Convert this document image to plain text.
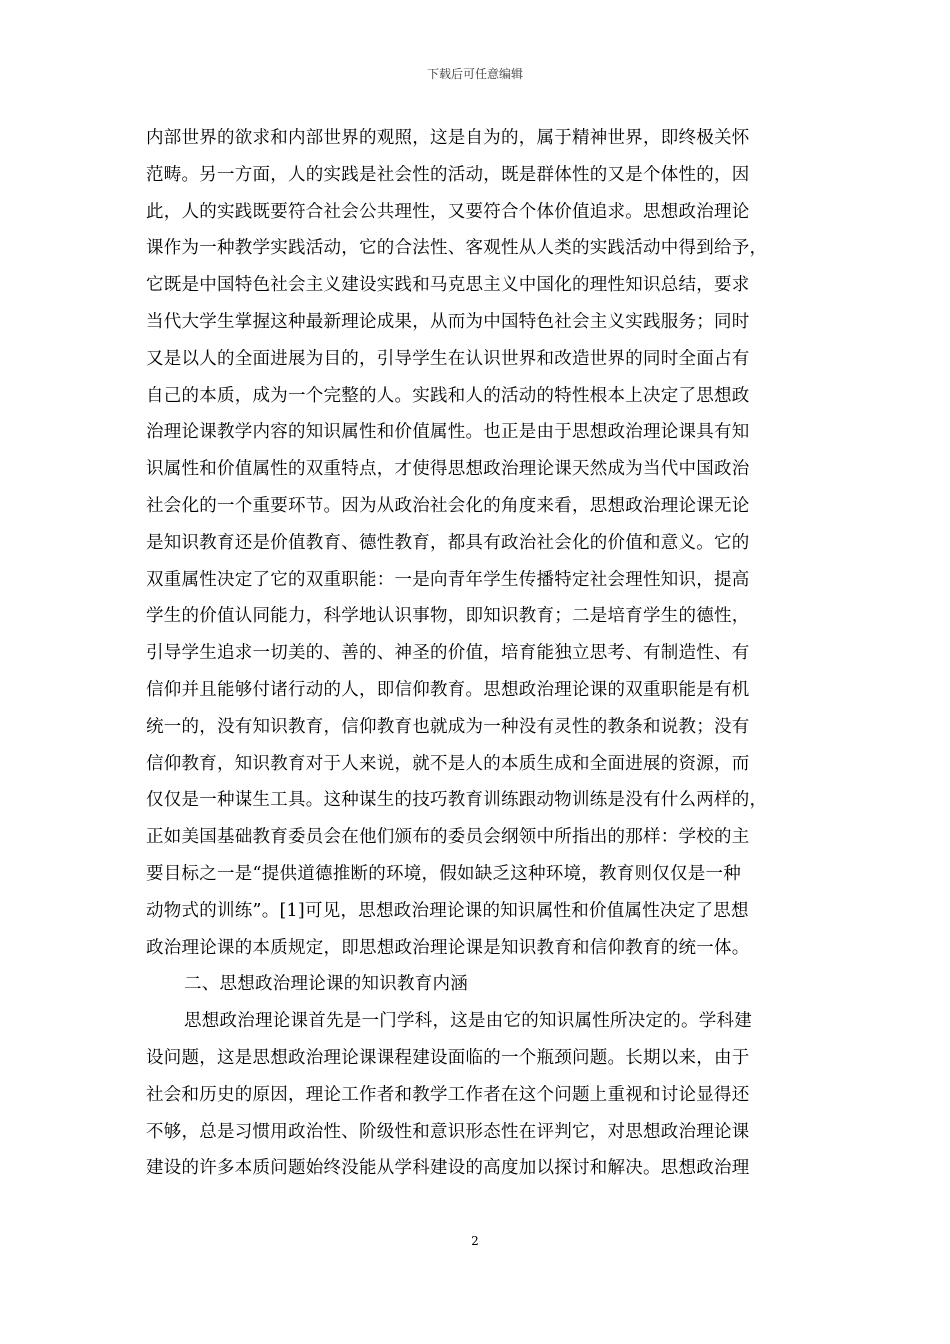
下载后可任意编辑
内部世界的欲求和内部世界的观照，这是自为的，属于精神世界，即终极关怀
范畴。另一方面，人的实践是社会性的活动，既是群体性的又是个体性的，因
此，人的实践既要符合社会公共理性，又要符合个体价值追求。思想政治理论
课作为一种教学实践活动，它的合法性、客观性从人类的实践活动中得到给予，
它既是中国特色社会主义建设实践和马克思主义中国化的理性知识总结，要求
当代大学生掌握这种最新理论成果，从而为中国特色社会主义实践服务；同时
又是以人的全面进展为目的，引导学生在认识世界和改造世界的同时全面占有
自己的本质，成为一个完整的人。实践和人的活动的特性根本上决定了思想政
治理论课教学内容的知识属性和价值属性。也正是由于思想政治理论课具有知
识属性和价值属性的双重特点，才使得思想政治理论课天然成为当代中国政治
社会化的一个重要环节。因为从政治社会化的角度来看，思想政治理论课无论
是知识教育还是价值教育、德性教育，都具有政治社会化的价值和意义。它的
双重属性决定了它的双重职能：一是向青年学生传播特定社会理性知识，提高
学生的价值认同能力，科学地认识事物，即知识教育；二是培育学生的德性，
引导学生追求一切美的、善的、神圣的价值，培育能独立思考、有制造性、有
信仰并且能够付诸行动的人，即信仰教育。思想政治理论课的双重职能是有机
统一的，没有知识教育，信仰教育也就成为一种没有灵性的教条和说教；没有
信仰教育，知识教育对于人来说，就不是人的本质生成和全面进展的资源，而
仅仅是一种谋生工具。这种谋生的技巧教育训练跟动物训练是没有什么两样的，
正如美国基础教育委员会在他们颁布的委员会纲领中所指出的那样：学校的主
要目标之一是“提供道德推断的环境，假如缺乏这种环境，教育则仅仅是一种
动物式的训练”。[1]可见，思想政治理论课的知识属性和价值属性决定了思想
政治理论课的本质规定，即思想政治理论课是知识教育和信仰教育的统一体。
二、思想政治理论课的知识教育内涵
思想政治理论课首先是一门学科，这是由它的知识属性所决定的。学科建
设问题，这是思想政治理论课课程建设面临的一个瓶颈问题。长期以来，由于
社会和历史的原因，理论工作者和教学工作者在这个问题上重视和讨论显得还
不够，总是习惯用政治性、阶级性和意识形态性在评判它，对思想政治理论课
建设的许多本质问题始终没能从学科建设的高度加以探讨和解决。思想政治理
2
